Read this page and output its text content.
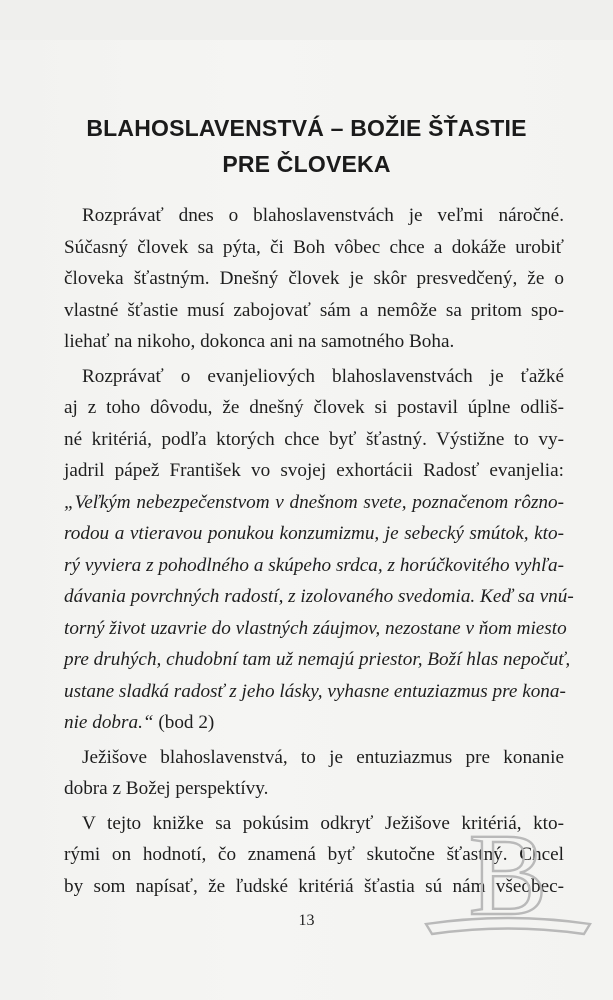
BLAHOSLAVENSTVÁ – BOŽIE ŠŤASTIE
PRE ČLOVEKA
Rozprávať dnes o blahoslavenstvách je veľmi náročné.
Súčasný človek sa pýta, či Boh vôbec chce a dokáže urobiť
človeka šťastným. Dnešný človek je skôr presvedčený, že o
vlastné šťastie musí zabojovať sám a nemôže sa pritom spo-
liehať na nikoho, dokonca ani na samotného Boha.
Rozprávať o evanjeliových blahoslavenstvách je ťažké
aj z toho dôvodu, že dnešný človek si postavil úplne odliš-
né kritériá, podľa ktorých chce byť šťastný. Výstižne to vy-
jadril pápež František vo svojej exhortácii Radosť evanjelia:
„Veľkým nebezpečenstvom v dnešnom svete, poznačenom rôzno-
rodou a vtieravou ponukou konzumizmu, je sebecký smútok, kto-
rý vyviera z pohodlného a skúpeho srdca, z horúčkovitého vyhľa-
dávania povrchných radostí, z izolovaného svedomia. Keď sa vnú-
torný život uzavrie do vlastných záujmov, nezostane v ňom miesto
pre druhých, chudobní tam už nemajú priestor, Boží hlas nepočuť,
ustane sladká radosť z jeho lásky, vyhasne entuziazmus pre kona-
nie dobra.“ (bod 2)
Ježišove blahoslavenstvá, to je entuziazmus pre konanie
dobra z Božej perspektívy.
V tejto knižke sa pokúsim odkryť Ježišove kritériá, kto-
rými on hodnotí, čo znamená byť skutočne šťastný. Chcel
by som napísať, že ľudské kritériá šťastia sú nám všeobec-
13	B
